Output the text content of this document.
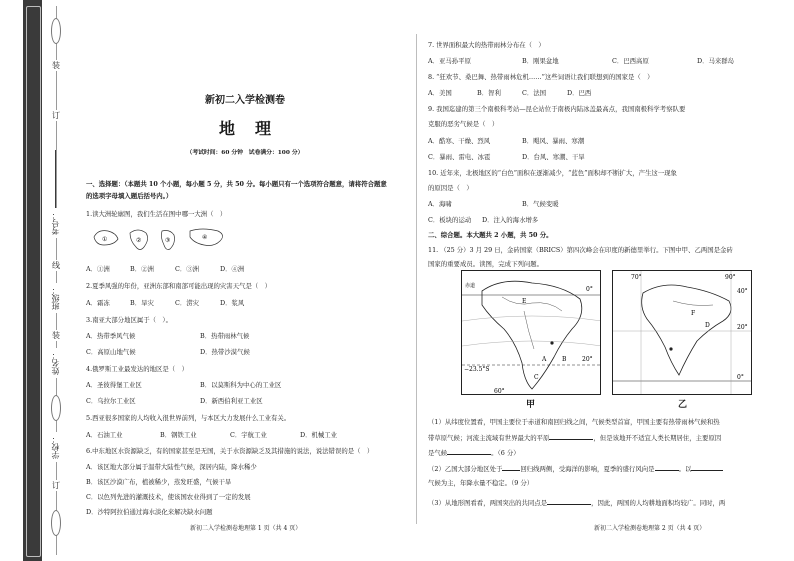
装
订
考号：
线
班级：
装
姓名：
学校：
订
新初二入学检测卷
地理
（考试时间：60 分钟　试卷满分：100 分）
一、选择题：（本题共 10 个小题，每小题 5 分，共 50 分。每小题只有一个选项符合题意，请将符合题意
的选项字母填入题后括号内。）
1.读大洲轮廓图，我们生活在图中哪一大洲（　）
①	②	③	④
A．①洲	B．②洲	C．③洲	D．④洲
2.夏季风强的年份，亚洲东部和南部可能出现的灾害天气是（　）
A．霜冻	B．旱灾	C．涝灾	D．浆风
3.南亚大部分地区属于（　）。
A．热带季风气候	B．热带雨林气候
C．高原山地气候	D．热带沙漠气候
4.俄罗斯工业最发达的地区是（　）
A．圣彼得堡工业区	B．以莫斯科为中心的工业区
C．乌拉尔工业区	D．新西伯利亚工业区
5.西亚很多国家的人均收入很世界前列，与本区大力发展什么工业有关。
A．石油工业	B．钢铁工业	C．宇航工业	D．机械工业
6.中东地区水资源缺乏，有的国家甚至是无国，关于水资源缺乏及其措施的说法，说法错误的是（　）
A．该区地大部分属于温带大陆性气候，深居内陆，降水稀少
B．该区沙漠广布，植被稀少，蒸发旺盛，气候干旱
C．以色列先进的灌溉技术，使该国农业得到了一定的发展
D．沙特阿拉伯通过海水淡化来解决缺水问题
新初二入学检测卷地理第 1 页（共 4 页）
7. 世界面积最大的热带雨林分布在（　）
A．亚马孙平原	B．刚果盆地	C．巴西高原	D．马来群岛
8. “狂欢节、桑巴舞、热带雨林危机……”这些词语让我们联想到的国家是（　）
A．美国	B．智利	C．法国	D．巴西
9. 我国迄建的第三个南极科考站—昆仑站位于南极内陆冰盖最高点，我国南极科学考察队要
克服的恶劣气候是（　）
A．酷寒、干燥、烈风	B．飓风、暴雨、寒潮
C．暴雨、雷电、冰雹	D．台风、寒潮、干旱
10. 近年来，北极地区的“白色”面积在逐渐减少，“蓝色”面积却不断扩大，产生这一现象
的原因是（　）
A．海啸	B．气候变暖
C．板块的运动 D．注入的海水增多
二、综合题。本大题共 2 小题，共 50 分。
11. （25 分）3 月 29 日，金砖国家（BRICS）第四次峰会在印度的新德里举行。下图中甲、乙两国是金砖
国家的重要成员。读图，完成下列问题。
赤道
E
A	B
C
−23.5°S
60°
20°
0°
甲
70°	90°
F
D	20°
0°
40°
乙
（1）从纬度位置看，甲国主要位于赤道和南回归线之间，气候类型首富，甲国主要有热带雨林气候和热
带草原气候；河流主流域有世界最大的平原	，但是该地开不适宜人类长期居住，主要原因
是气候	。（6 分）
（2）乙国大部分地区处于	回归线两侧，受海洋的影响，夏季的盛行风向是	。以
气候为主，年降水量不稳定。（9 分）
（3）从地形图看看，两国突出的共同点是	，因此，两国的人均耕地面积均较广。同时，两
新初二入学检测卷地理第 2 页（共 4 页）
